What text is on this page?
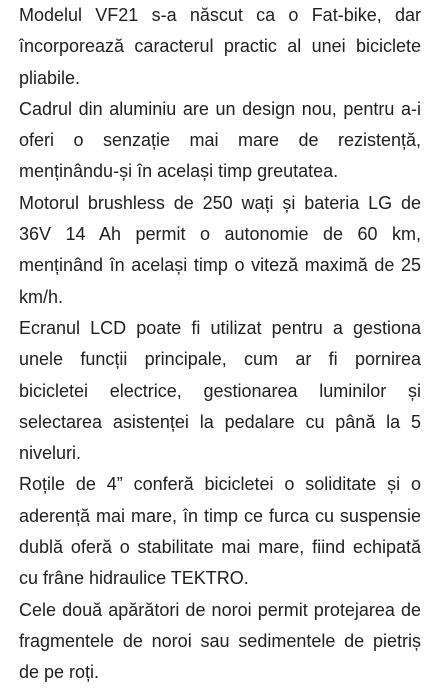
Modelul VF21 s-a născut ca o Fat-bike, dar încorporează caracterul practic al unei biciclete pliabile.

Cadrul din aluminiu are un design nou, pentru a-i oferi o senzație mai mare de rezistență, menținându-și în același timp greutatea.

Motorul brushless de 250 wați și bateria LG de 36V 14 Ah permit o autonomie de 60 km, menținând în același timp o viteză maximă de 25 km/h.

Ecranul LCD poate fi utilizat pentru a gestiona unele funcții principale, cum ar fi pornirea bicicletei electrice, gestionarea luminilor și selectarea asistenței la pedalare cu până la 5 niveluri.

Roțile de 4” conferă bicicletei o soliditate și o aderență mai mare, în timp ce furca cu suspensie dublă oferă o stabilitate mai mare, fiind echipată cu frâne hidraulice TEKTRO.

Cele două apărători de noroi permit protejarea de fragmentele de noroi sau sedimentele de pietriș de pe roți.
